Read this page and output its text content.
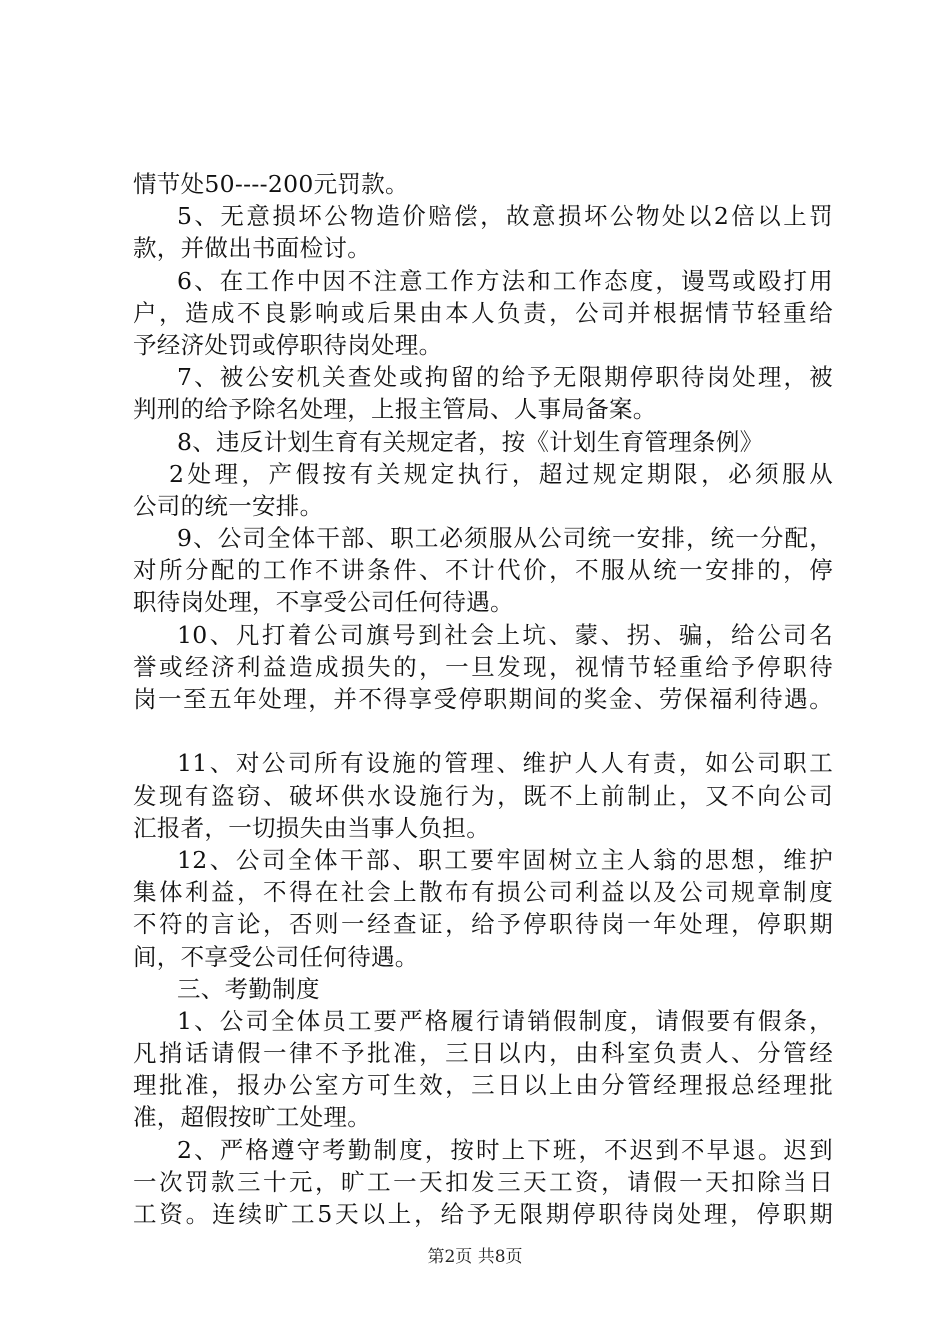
情节处50----200元罚款。
5、无意损坏公物造价赔偿，故意损坏公物处以2倍以上罚
款，并做出书面检讨。
6、在工作中因不注意工作方法和工作态度，谩骂或殴打用
户，造成不良影响或后果由本人负责，公司并根据情节轻重给
予经济处罚或停职待岗处理。
7、被公安机关查处或拘留的给予无限期停职待岗处理，被
判刑的给予除名处理，上报主管局、人事局备案。
8、违反计划生育有关规定者，按《计划生育管理条例》
2处理，产假按有关规定执行，超过规定期限，必须服从
公司的统一安排。
9、公司全体干部、职工必须服从公司统一安排，统一分配，
对所分配的工作不讲条件、不计代价，不服从统一安排的，停
职待岗处理，不享受公司任何待遇。
10、凡打着公司旗号到社会上坑、蒙、拐、骗，给公司名
誉或经济利益造成损失的，一旦发现，视情节轻重给予停职待
岗一至五年处理，并不得享受停职期间的奖金、劳保福利待遇。
11、对公司所有设施的管理、维护人人有责，如公司职工
发现有盗窃、破坏供水设施行为，既不上前制止，又不向公司
汇报者，一切损失由当事人负担。
12、公司全体干部、职工要牢固树立主人翁的思想，维护
集体利益，不得在社会上散布有损公司利益以及公司规章制度
不符的言论，否则一经查证，给予停职待岗一年处理，停职期
间，不享受公司任何待遇。
三、考勤制度
1、公司全体员工要严格履行请销假制度，请假要有假条，
凡捎话请假一律不予批准，三日以内，由科室负责人、分管经
理批准，报办公室方可生效，三日以上由分管经理报总经理批
准，超假按旷工处理。
2、严格遵守考勤制度，按时上下班，不迟到不早退。迟到
一次罚款三十元，旷工一天扣发三天工资，请假一天扣除当日
工资。连续旷工5天以上，给予无限期停职待岗处理，停职期
第2页 共8页
